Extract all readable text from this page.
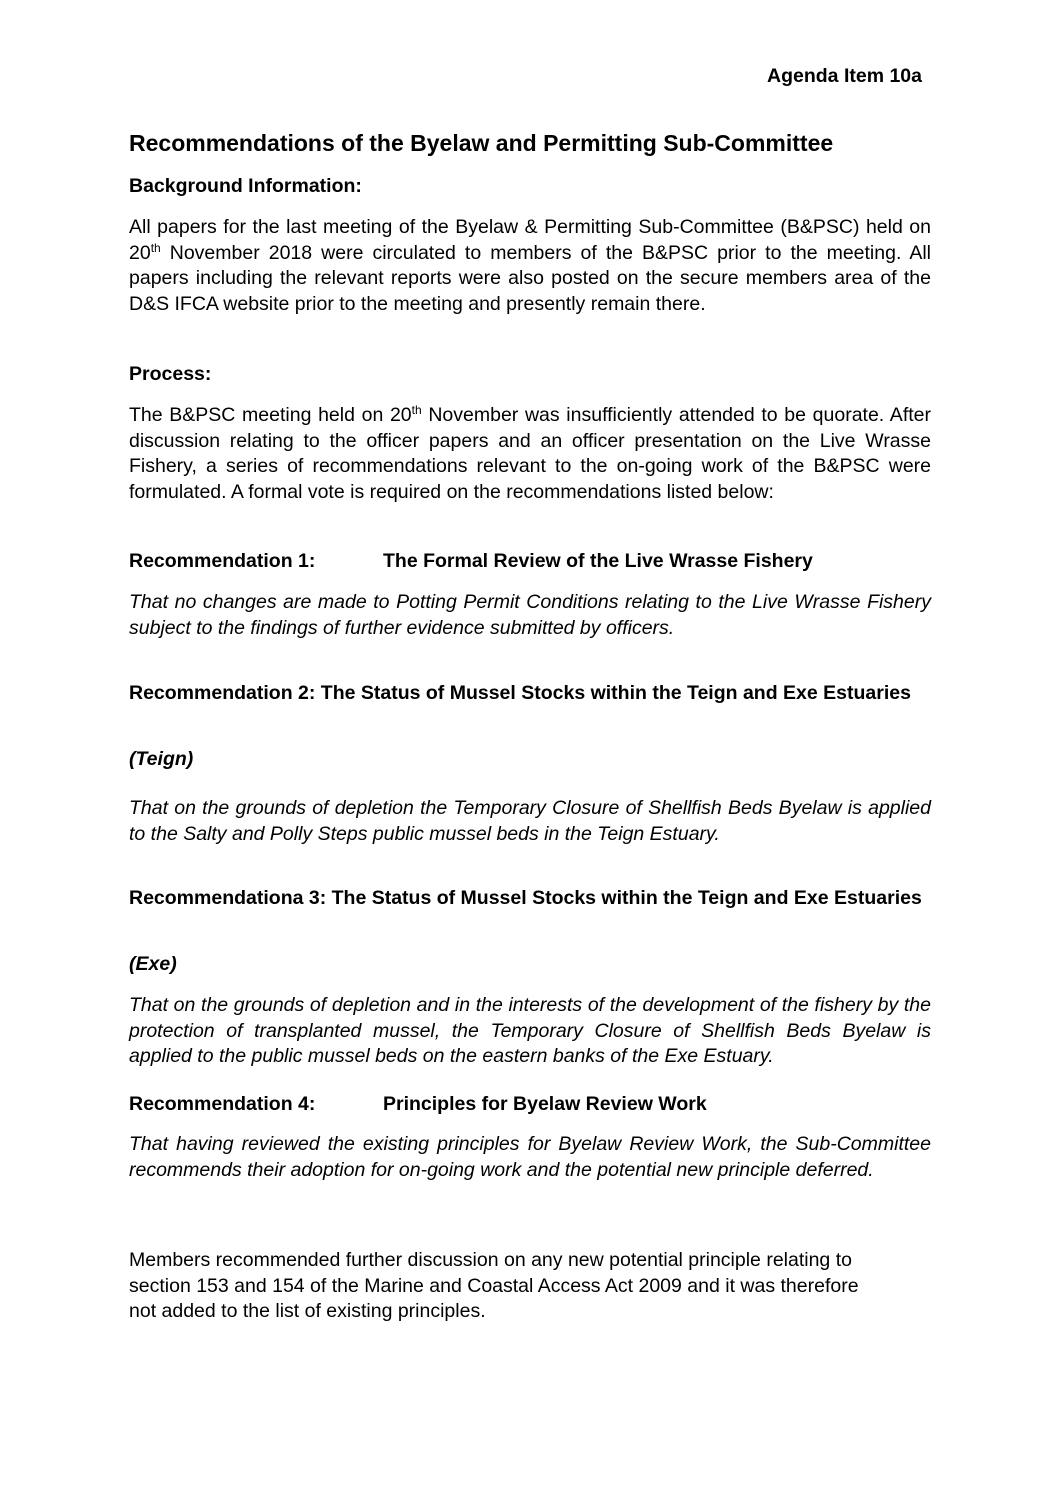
Agenda Item 10a

Recommendations of the Byelaw and Permitting Sub-Committee

Background Information:

All papers for the last meeting of the Byelaw & Permitting Sub-Committee (B&PSC) held on 20th November 2018 were circulated to members of the B&PSC prior to the meeting. All papers including the relevant reports were also posted on the secure members area of the D&S IFCA website prior to the meeting and presently remain there.

Process:

The B&PSC meeting held on 20th November was insufficiently attended to be quorate. After discussion relating to the officer papers and an officer presentation on the Live Wrasse Fishery, a series of recommendations relevant to the on-going work of the B&PSC were formulated. A formal vote is required on the recommendations listed below:

Recommendation 1:	The Formal Review of the Live Wrasse Fishery

That no changes are made to Potting Permit Conditions relating to the Live Wrasse Fishery subject to the findings of further evidence submitted by officers.

Recommendation 2: The Status of Mussel Stocks within the Teign and Exe Estuaries

(Teign)

That on the grounds of depletion the Temporary Closure of Shellfish Beds Byelaw is applied to the Salty and Polly Steps public mussel beds in the Teign Estuary.

Recommendationa 3: The Status of Mussel Stocks within the Teign and Exe Estuaries

(Exe)

That on the grounds of depletion and in the interests of the development of the fishery by the protection of transplanted mussel, the Temporary Closure of Shellfish Beds Byelaw is applied to the public mussel beds on the eastern banks of the Exe Estuary.

Recommendation 4:	Principles for Byelaw Review Work

That having reviewed the existing principles for Byelaw Review Work, the Sub-Committee recommends their adoption for on-going work and the potential new principle deferred.

Members recommended further discussion on any new potential principle relating to
section 153 and 154 of the Marine and Coastal Access Act 2009 and it was therefore
not added to the list of existing principles.
